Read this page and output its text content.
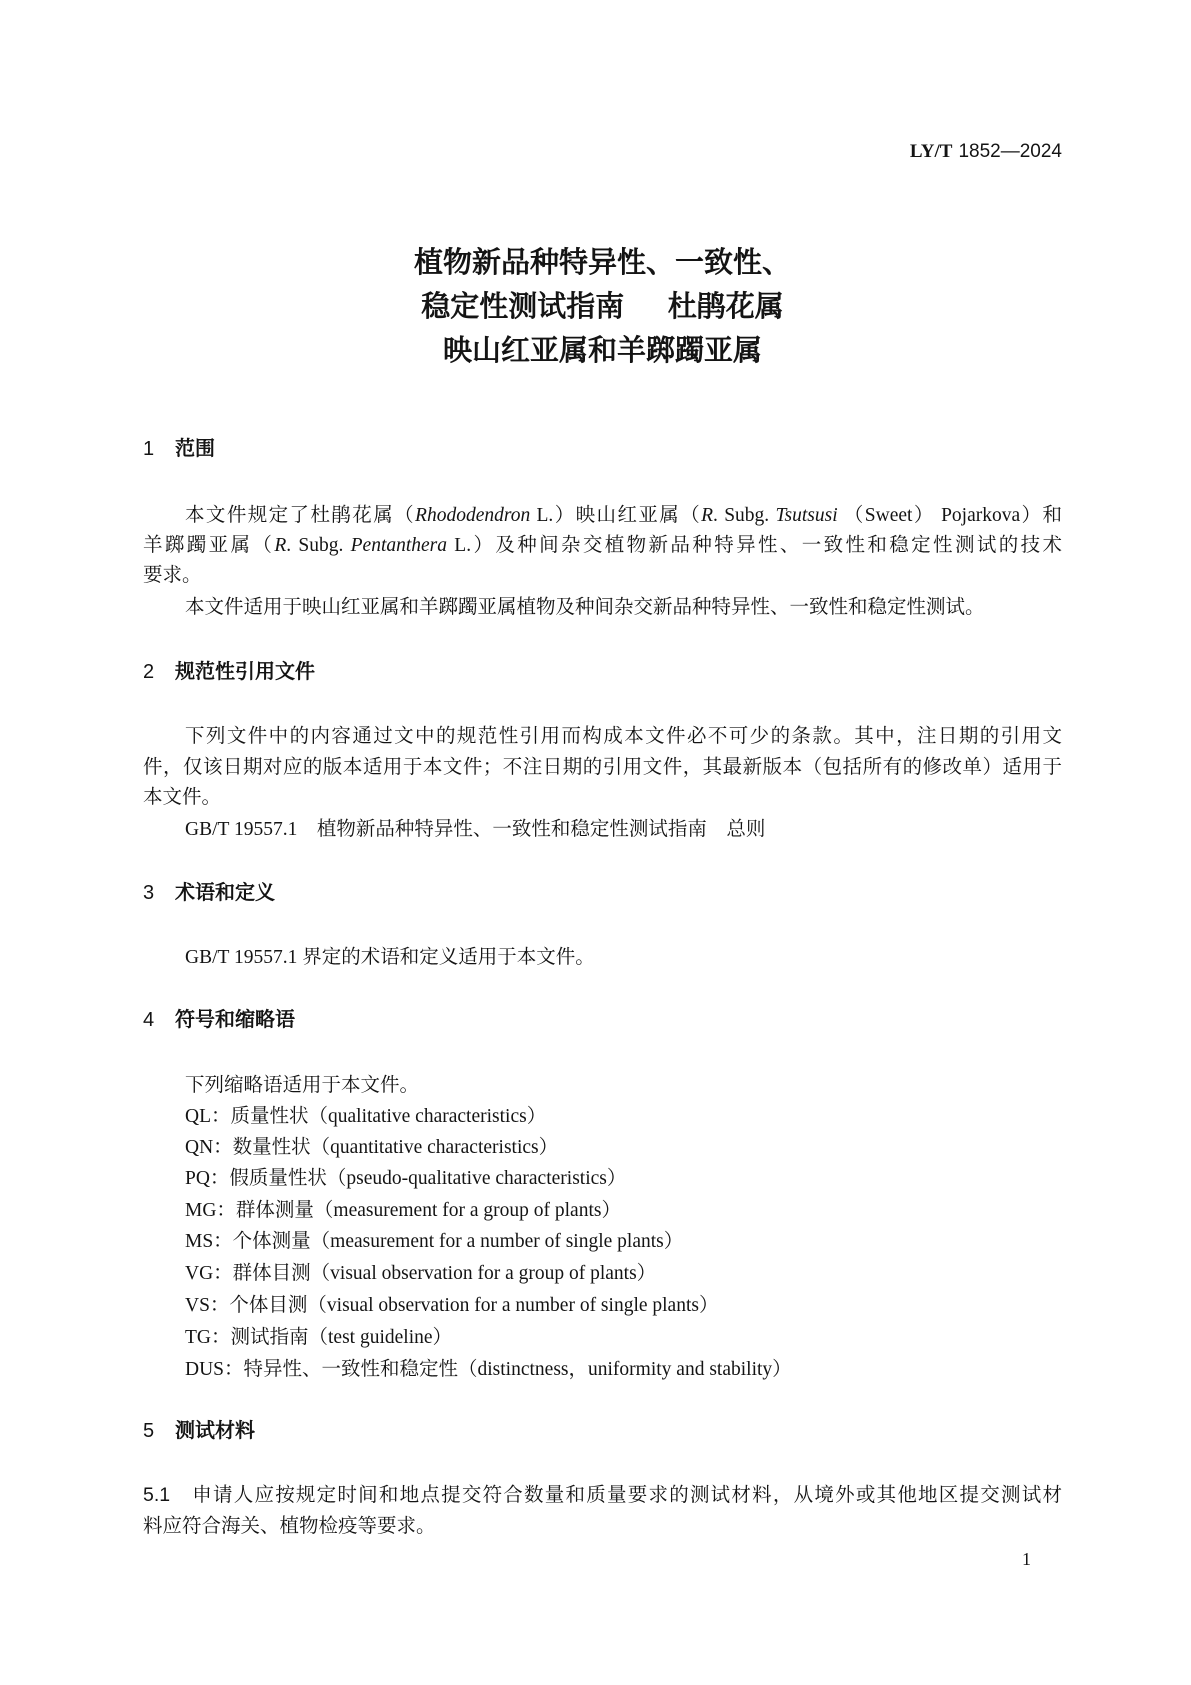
LY/T 1852—2024
植物新品种特异性、一致性、
稳定性测试指南 杜鹃花属
映山红亚属和羊踯躅亚属
1 范围
本文件规定了杜鹃花属（Rhododendron L.）映山红亚属（R. Subg. Tsutsusi （Sweet） Pojarkova）和
羊踯躅亚属（R. Subg. Pentanthera L.）及种间杂交植物新品种特异性、一致性和稳定性测试的技术
要求。
本文件适用于映山红亚属和羊踯躅亚属植物及种间杂交新品种特异性、一致性和稳定性测试。
2 规范性引用文件
下列文件中的内容通过文中的规范性引用而构成本文件必不可少的条款。其中，注日期的引用文
件，仅该日期对应的版本适用于本文件；不注日期的引用文件，其最新版本（包括所有的修改单）适用于
本文件。
GB/T 19557.1 植物新品种特异性、一致性和稳定性测试指南 总则
3 术语和定义
GB/T 19557.1 界定的术语和定义适用于本文件。
4 符号和缩略语
下列缩略语适用于本文件。
QL：质量性状（qualitative characteristics）
QN：数量性状（quantitative characteristics）
PQ：假质量性状（pseudo-qualitative characteristics）
MG：群体测量（measurement for a group of plants）
MS：个体测量（measurement for a number of single plants）
VG：群体目测（visual observation for a group of plants）
VS：个体目测（visual observation for a number of single plants）
TG：测试指南（test guideline）
DUS：特异性、一致性和稳定性（distinctness，uniformity and stability）
5 测试材料
5.1 申请人应按规定时间和地点提交符合数量和质量要求的测试材料，从境外或其他地区提交测试材
料应符合海关、植物检疫等要求。
1
